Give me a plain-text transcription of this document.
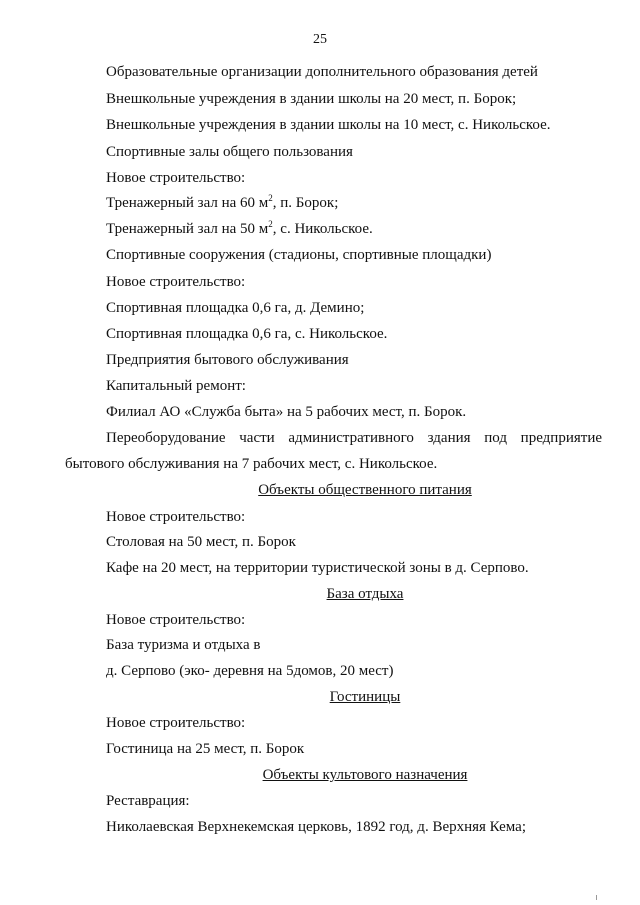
25
Образовательные организации дополнительного образования детей
Внешкольные учреждения в здании школы на 20 мест, п. Борок;
Внешкольные учреждения в здании школы на 10 мест, с. Никольское.
Спортивные залы общего пользования
Новое строительство:
Тренажерный зал на 60 $м^2$, п. Борок;
Тренажерный зал на 50 $м^2$, с. Никольское.
Спортивные сооружения (стадионы, спортивные площадки)
Новое строительство:
Спортивная площадка 0,6 га, д. Демино;
Спортивная площадка 0,6 га, с. Никольское.
Предприятия бытового обслуживания
Капитальный ремонт:
Филиал АО «Служба быта» на 5 рабочих мест, п. Борок.
Переоборудование части административного здания под предприятие
бытового обслуживания на 7 рабочих мест, с. Никольское.
Объекты общественного питания
Новое строительство:
Столовая на 50 мест, п. Борок
Кафе на 20 мест, на территории туристической зоны в д. Серпово.
База отдыха
Новое строительство:
База туризма и отдыха в
д. Серпово (эко- деревня на 5домов, 20 мест)
Гостиницы
Новое строительство:
Гостиница на 25 мест, п. Борок
Объекты культового назначения
Реставрация:
Николаевская Верхнекемская церковь, 1892 год, д. Верхняя Кема;
